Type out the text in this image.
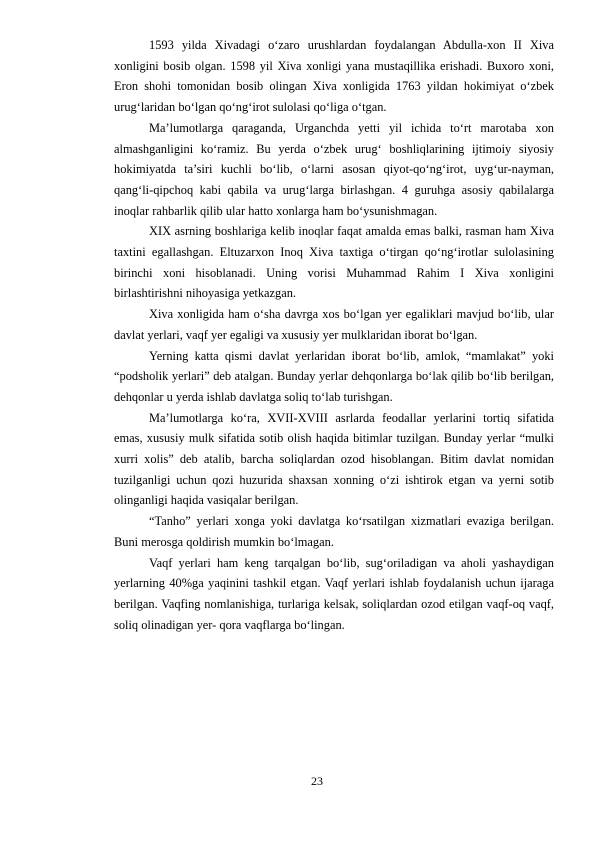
1593 yilda Xivadagi o‘zaro urushlardan foydalangan Abdulla-xon II Xiva xonligini bosib olgan. 1598 yil Xiva xonligi yana mustaqillika erishadi. Buxoro xoni, Eron shohi tomonidan bosib olingan Xiva xonligida 1763 yildan hokimiyat o‘zbek urug‘laridan bo‘lgan qo‘ng‘irot sulolasi qo‘liga o‘tgan.

Ma’lumotlarga qaraganda, Urganchda yetti yil ichida to‘rt marotaba xon almashganligini ko‘ramiz. Bu yerda o‘zbek urug‘ boshliqlarining ijtimoiy siyosiy hokimiyatda ta’siri kuchli bo‘lib, o‘larni asosan qiyot-qo‘ng‘irot, uyg‘ur-nayman, qang‘li-qipchoq kabi qabila va urug‘larga birlashgan. 4 guruhga asosiy qabilalarga inoqlar rahbarlik qilib ular hatto xonlarga ham bo‘ysunishmagan.

XIX asrning boshlariga kelib inoqlar faqat amalda emas balki, rasman ham Xiva taxtini egallashgan. Eltuzarxon Inoq Xiva taxtiga o‘tirgan qo‘ng‘irotlar sulolasining birinchi xoni hisoblanadi. Uning vorisi Muhammad Rahim I Xiva xonligini birlashtirishni nihoyasiga yetkazgan.

Xiva xonligida ham o‘sha davrga xos bo‘lgan yer egaliklari mavjud bo‘lib, ular davlat yerlari, vaqf yer egaligi va xususiy yer mulklaridan iborat bo‘lgan.

Yerning katta qismi davlat yerlaridan iborat bo‘lib, amlok, “mamlakat” yoki “podsholik yerlari” deb atalgan. Bunday yerlar dehqonlarga bo‘lak qilib bo‘lib berilgan, dehqonlar u yerda ishlab davlatga soliq to‘lab turishgan.

Ma’lumotlarga ko‘ra, XVII-XVIII asrlarda feodallar yerlarini tortiq sifatida emas, xususiy mulk sifatida sotib olish haqida bitimlar tuzilgan. Bunday yerlar “mulki xurri xolis” deb atalib, barcha soliqlardan ozod hisoblangan. Bitim davlat nomidan tuzilganligi uchun qozi huzurida shaxsan xonning o‘zi ishtirok etgan va yerni sotib olinganligi haqida vasiqalar berilgan.

“Tanho” yerlari xonga yoki davlatga ko‘rsatilgan xizmatlari evaziga berilgan. Buni merosga qoldirish mumkin bo‘lmagan.

Vaqf yerlari ham keng tarqalgan bo‘lib, sug‘oriladigan va aholi yashaydigan yerlarning 40%ga yaqinini tashkil etgan. Vaqf yerlari ishlab foydalanish uchun ijaraga berilgan. Vaqfing nomlanishiga, turlariga kelsak, soliqlardan ozod etilgan vaqf-oq vaqf, soliq olinadigan yer- qora vaqflarga bo‘lingan.

23
